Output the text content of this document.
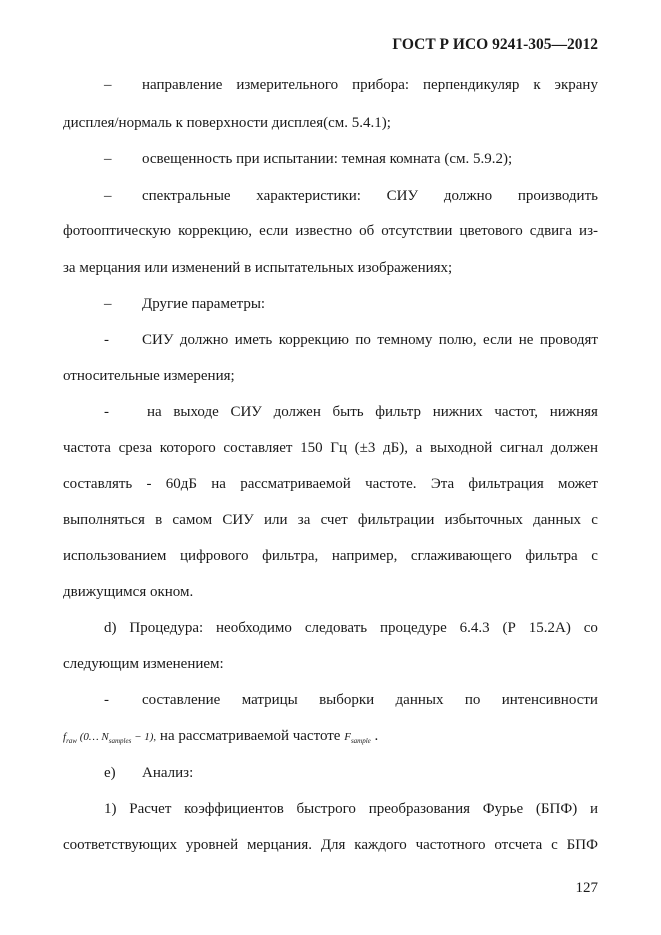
ГОСТ Р ИСО 9241-305—2012
– направление измерительного прибора: перпендикуляр к экрану
дисплея/нормаль к поверхности дисплея(см. 5.4.1);
– освещенность при испытании: темная комната (см. 5.9.2);
– спектральные характеристики: СИУ должно производить
фотооптическую коррекцию, если известно об отсутствии цветового сдвига из-
за мерцания или изменений в испытательных изображениях;
– Другие параметры:
- СИУ должно иметь коррекцию по темному полю, если не проводят
относительные измерения;
-	на выходе СИУ должен быть фильтр нижних частот, нижняя
частота среза которого составляет 150 Гц (±3 дБ), а выходной сигнал должен
составлять - 60дБ на рассматриваемой частоте. Эта фильтрация может
выполняться в самом СИУ или за счет фильтрации избыточных данных с
использованием цифрового фильтра, например, сглаживающего фильтра с
движущимся окном.
d) Процедура: необходимо следовать процедуре 6.4.3 (Р 15.2А) со
следующим изменением:
- составление матрицы выборки данных по интенсивности
$f_{raw}$ (0… $N_{samples} - 1$), на рассматриваемой частоте $F_{sample}$ .
e) Анализ:
1) Расчет коэффициентов быстрого преобразования Фурье (БПФ) и
соответствующих уровней мерцания. Для каждого частотного отсчета с БПФ
127
